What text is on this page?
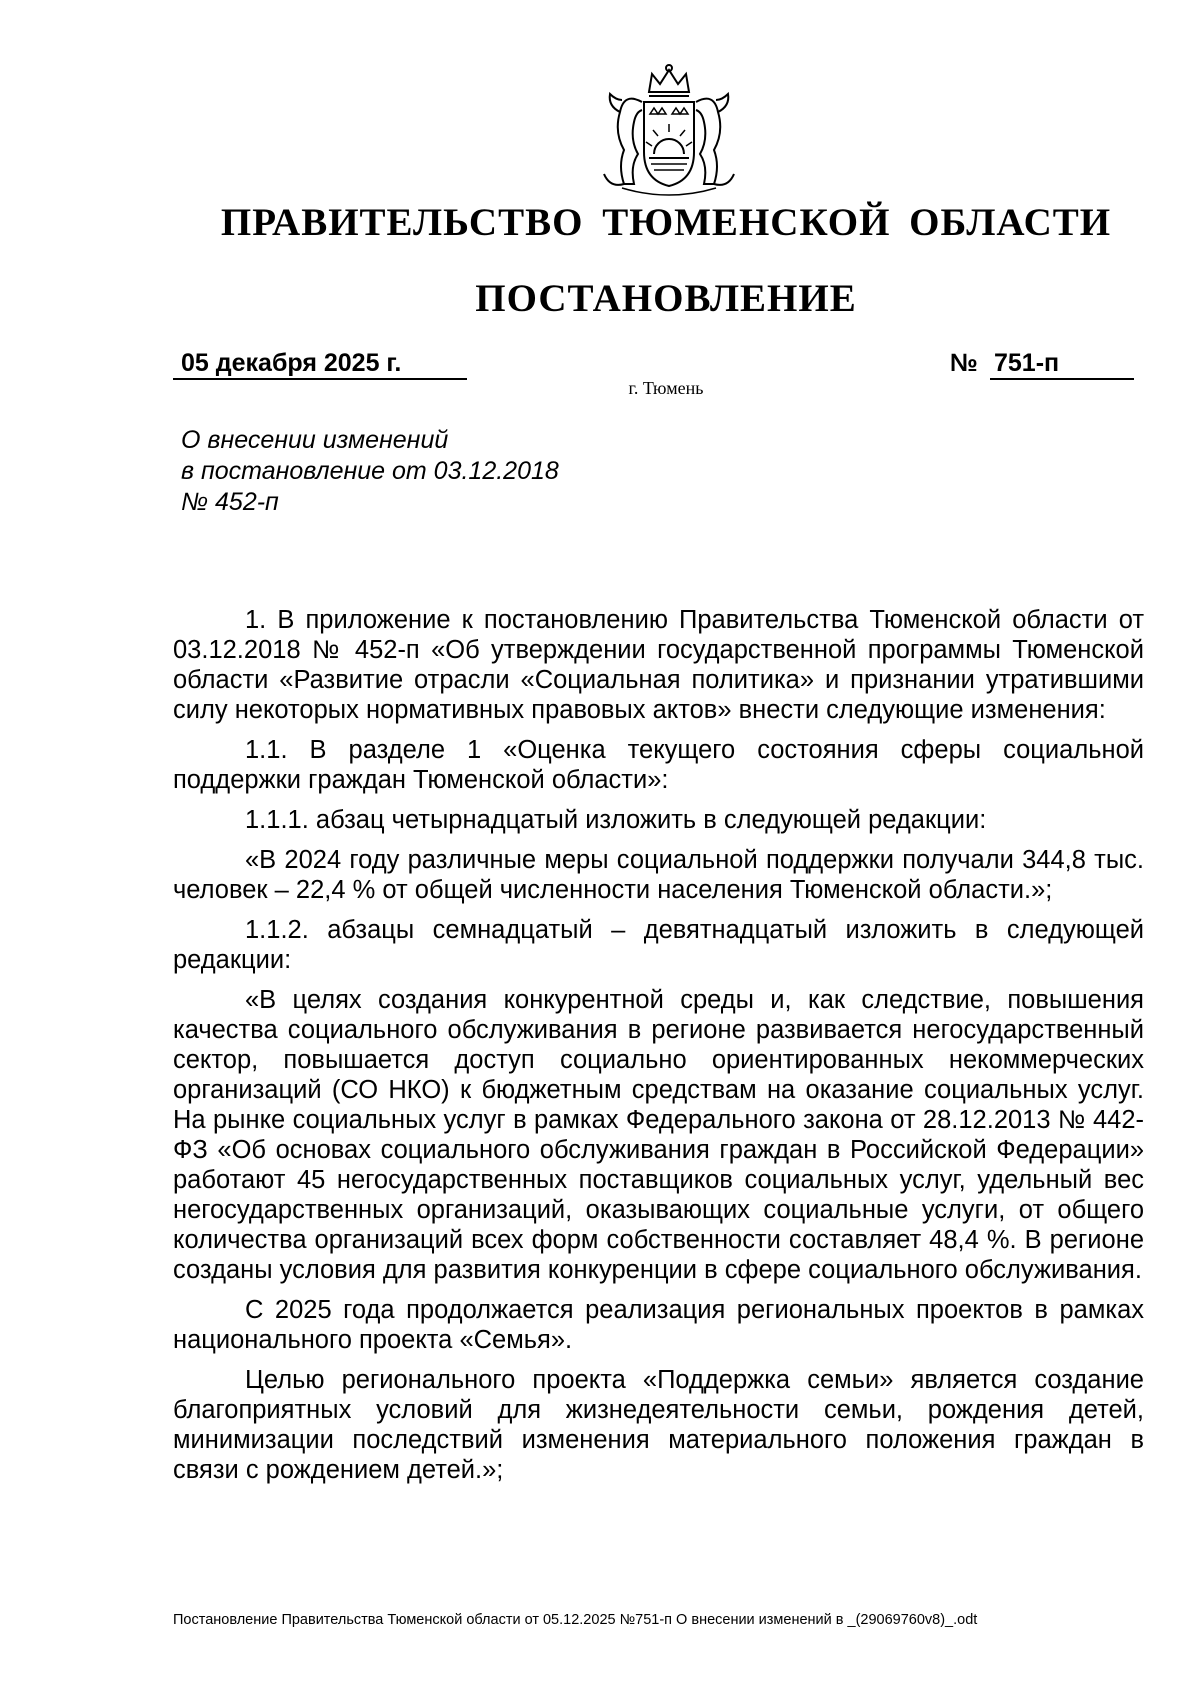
ПРАВИТЕЛЬСТВО ТЮМЕНСКОЙ ОБЛАСТИ
ПОСТАНОВЛЕНИЕ
05 декабря 2025 г.	№ 751-п
г. Тюмень
О внесении изменений
в постановление от 03.12.2018
№ 452-п

1. В приложение к постановлению Правительства Тюменской области от 03.12.2018 № 452-п «Об утверждении государственной программы Тюменской области «Развитие отрасли «Социальная политика» и признании утратившими силу некоторых нормативных правовых актов» внести следующие изменения:

1.1. В разделе 1 «Оценка текущего состояния сферы социальной поддержки граждан Тюменской области»:

1.1.1. абзац четырнадцатый изложить в следующей редакции:

«В 2024 году различные меры социальной поддержки получали 344,8 тыс. человек – 22,4 % от общей численности населения Тюменской области.»;

1.1.2. абзацы семнадцатый – девятнадцатый изложить в следующей редакции:

«В целях создания конкурентной среды и, как следствие, повышения качества социального обслуживания в регионе развивается негосударственный сектор, повышается доступ социально ориентированных некоммерческих организаций (СО НКО) к бюджетным средствам на оказание социальных услуг. На рынке социальных услуг в рамках Федерального закона от 28.12.2013 № 442-ФЗ «Об основах социального обслуживания граждан в Российской Федерации» работают 45 негосударственных поставщиков социальных услуг, удельный вес негосударственных организаций, оказывающих социальные услуги, от общего количества организаций всех форм собственности составляет 48,4 %. В регионе созданы условия для развития конкуренции в сфере социального обслуживания.

С 2025 года продолжается реализация региональных проектов в рамках национального проекта «Семья».

Целью регионального проекта «Поддержка семьи» является создание благоприятных условий для жизнедеятельности семьи, рождения детей, минимизации последствий изменения материального положения граждан в связи с рождением детей.»;

Постановление Правительства Тюменской области от 05.12.2025 №751-п О внесении изменений в _(29069760v8)_.odt
